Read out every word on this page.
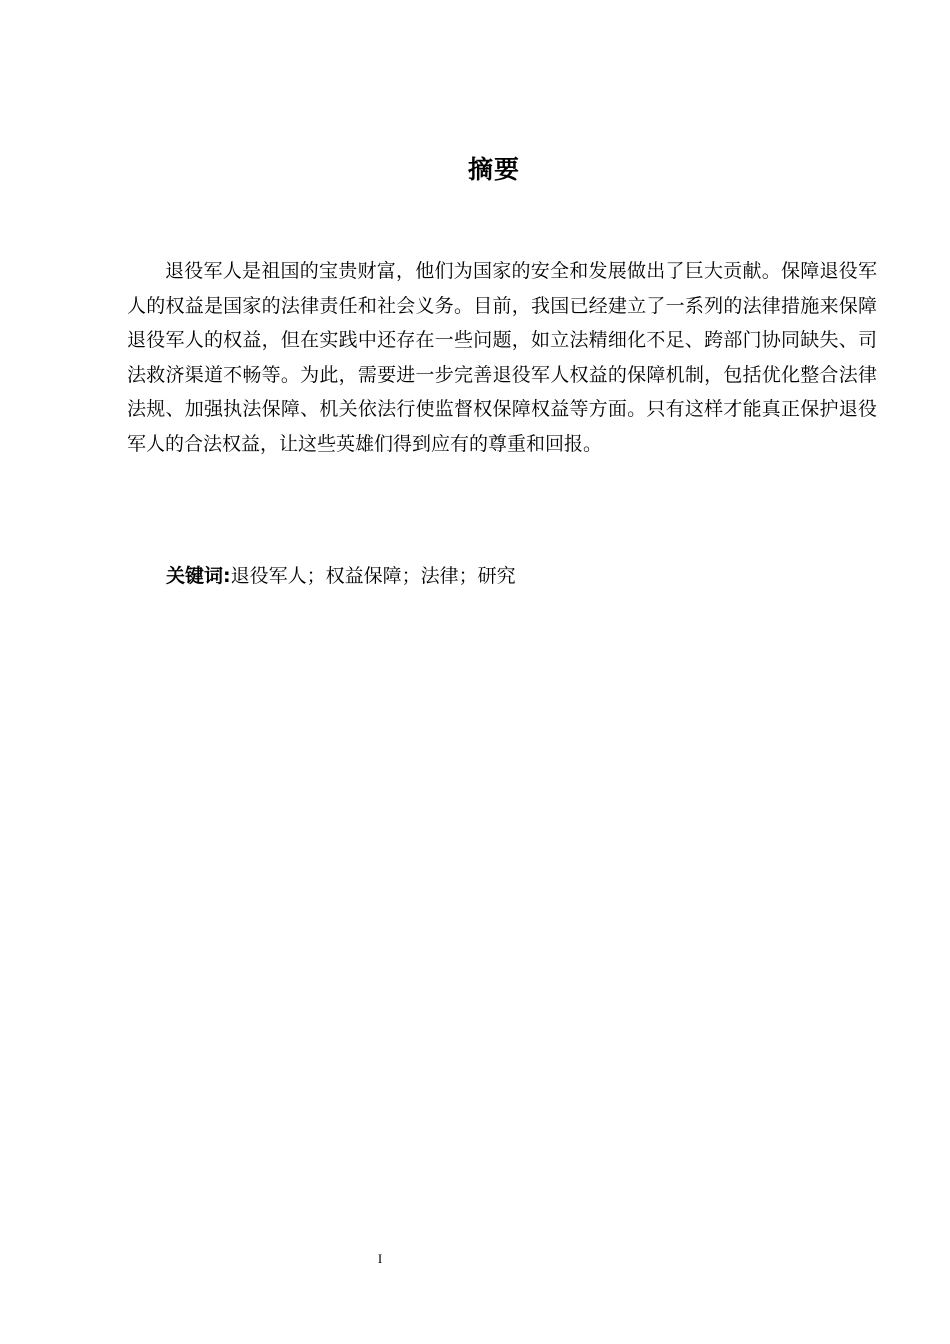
摘要

退役军人是祖国的宝贵财富，他们为国家的安全和发展做出了巨大贡献。保障退役军人的权益是国家的法律责任和社会义务。目前，我国已经建立了一系列的法律措施来保障退役军人的权益，但在实践中还存在一些问题，如立法精细化不足、跨部门协同缺失、司法救济渠道不畅等。为此，需要进一步完善退役军人权益的保障机制，包括优化整合法律法规、加强执法保障、机关依法行使监督权保障权益等方面。只有这样才能真正保护退役军人的合法权益，让这些英雄们得到应有的尊重和回报。

关键词:退役军人；权益保障；法律；研究

I
